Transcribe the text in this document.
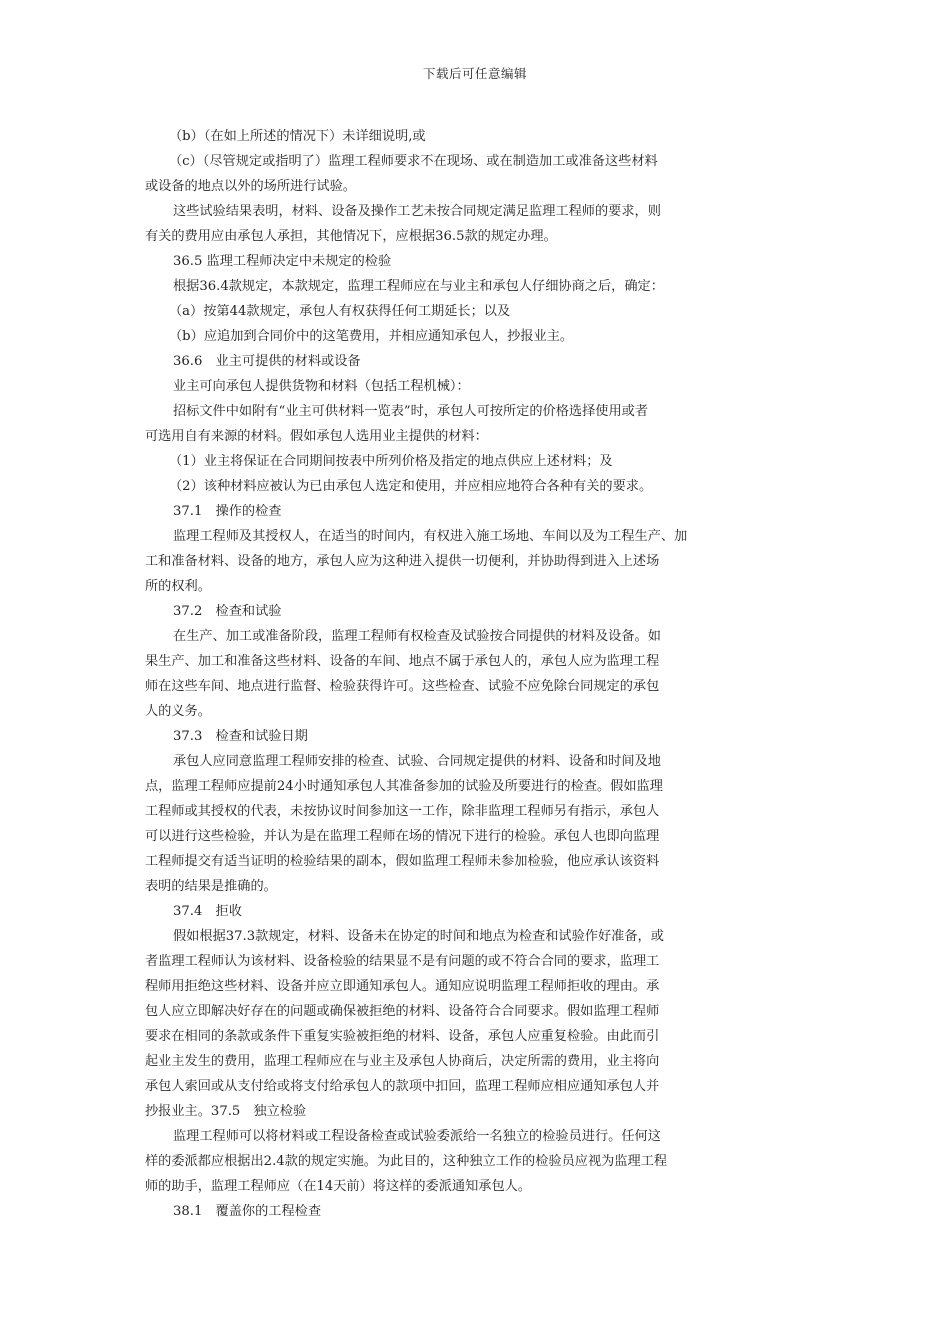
下载后可任意编辑
（b）（在如上所述的情况下）未详细说明,或
（c）（尽管规定或指明了）监理工程师要求不在现场、或在制造加工或准备这些材料
或设备的地点以外的场所进行试验。
这些试验结果表明，材料、设备及操作工艺未按合同规定满足监理工程师的要求，则
有关的费用应由承包人承担，其他情况下，应根据36.5款的规定办理。
36.5 监理工程师决定中未规定的检验
根据36.4款规定，本款规定，监理工程师应在与业主和承包人仔细协商之后，确定：
（a）按第44款规定，承包人有权获得任何工期延长；以及
（b）应追加到合同价中的这笔费用，并相应通知承包人，抄报业主。
36.6　业主可提供的材料或设备
业主可向承包人提供货物和材料（包括工程机械）：
招标文件中如附有“业主可供材料一览表”时，承包人可按所定的价格选择使用或者
可选用自有来源的材料。假如承包人选用业主提供的材料：
（1）业主将保证在合同期间按表中所列价格及指定的地点供应上述材料；及
（2）该种材料应被认为已由承包人选定和使用，并应相应地符合各种有关的要求。
37.1　操作的检查
监理工程师及其授权人，在适当的时间内，有权进入施工场地、车间以及为工程生产、加
工和准备材料、设备的地方，承包人应为这种进入提供一切便利，并协助得到进入上述场
所的权利。
37.2　检查和试验
在生产、加工或准备阶段，监理工程师有权检查及试验按合同提供的材料及设备。如
果生产、加工和准备这些材料、设备的车间、地点不属于承包人的，承包人应为监理工程
师在这些车间、地点进行监督、检验获得许可。这些检查、试验不应免除台同规定的承包
人的义务。
37.3　检查和试验日期
承包人应同意监理工程师安排的检查、试验、合同规定提供的材料、设备和时间及地
点，监理工程师应提前24小时通知承包人其准备参加的试验及所要进行的检查。假如监理
工程师或其授权的代表，未按协议时间参加这一工作，除非监理工程师另有指示，承包人
可以进行这些检验，并认为是在监理工程师在场的情况下进行的检验。承包人也即向监理
工程师提交有适当证明的检验结果的副本，假如监理工程师未参加检验，他应承认该资料
表明的结果是推确的。
37.4　拒收
假如根据37.3款规定，材料、设备未在协定的时间和地点为检查和试验作好准备，或
者监理工程师认为该材料、设备检验的结果显不是有问题的或不符合合同的要求，监理工
程师用拒绝这些材料、设备并应立即通知承包人。通知应说明监理工程师拒收的理由。承
包人应立即解决好存在的问题或确保被拒绝的材料、设备符合合同要求。假如监理工程师
要求在相同的条款或条件下重复实验被拒绝的材料、设备，承包人应重复检验。由此而引
起业主发生的费用，监理工程师应在与业主及承包人协商后，决定所需的费用，业主将向
承包人索回或从支付给或将支付给承包人的款项中扣回，监理工程师应相应通知承包人并
抄报业主。37.5　独立检验
监理工程师可以将材料或工程设备检查或试验委派给一名独立的检验员进行。任何这
样的委派都应根据出2.4款的规定实施。为此目的，这种独立工作的检验员应视为监理工程
师的助手，监理工程师应（在14天前）将这样的委派通知承包人。
38.1　覆盖你的工程检查
